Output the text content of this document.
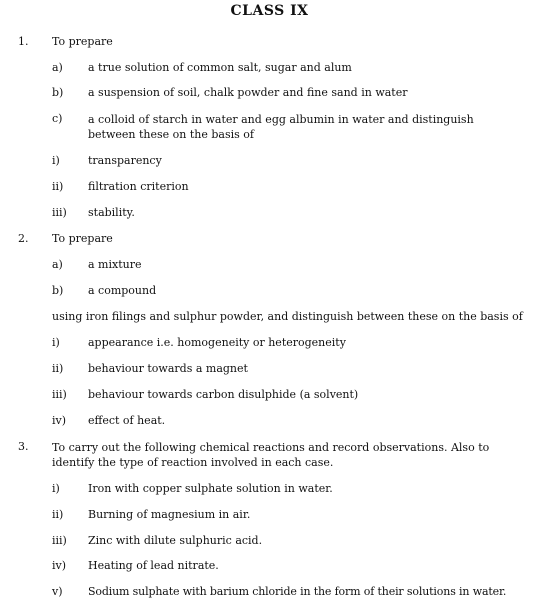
CLASS IX
1. To prepare
a) a true solution of common salt, sugar and alum
b) a suspension of soil, chalk powder and fine sand in water
c) a colloid of starch in water and egg albumin in water and distinguish between these on the basis of
i)	transparency
ii) filtration criterion
iii) stability.
2. To prepare
a) a mixture
b) a compound
using iron filings and sulphur powder, and distinguish between these on the basis of
i)	appearance i.e. homogeneity or heterogeneity
ii) behaviour towards a magnet
iii) behaviour towards carbon disulphide (a solvent)
iv) effect of heat.
3. To carry out the following chemical reactions and record observations. Also to identify the type of reaction involved in each case.
i)	Iron with copper sulphate solution in water.
ii) Burning of magnesium in air.
iii) Zinc with dilute sulphuric acid.
iv) Heating of lead nitrate.
v) Sodium sulphate with barium chloride in the form of their solutions in water.
